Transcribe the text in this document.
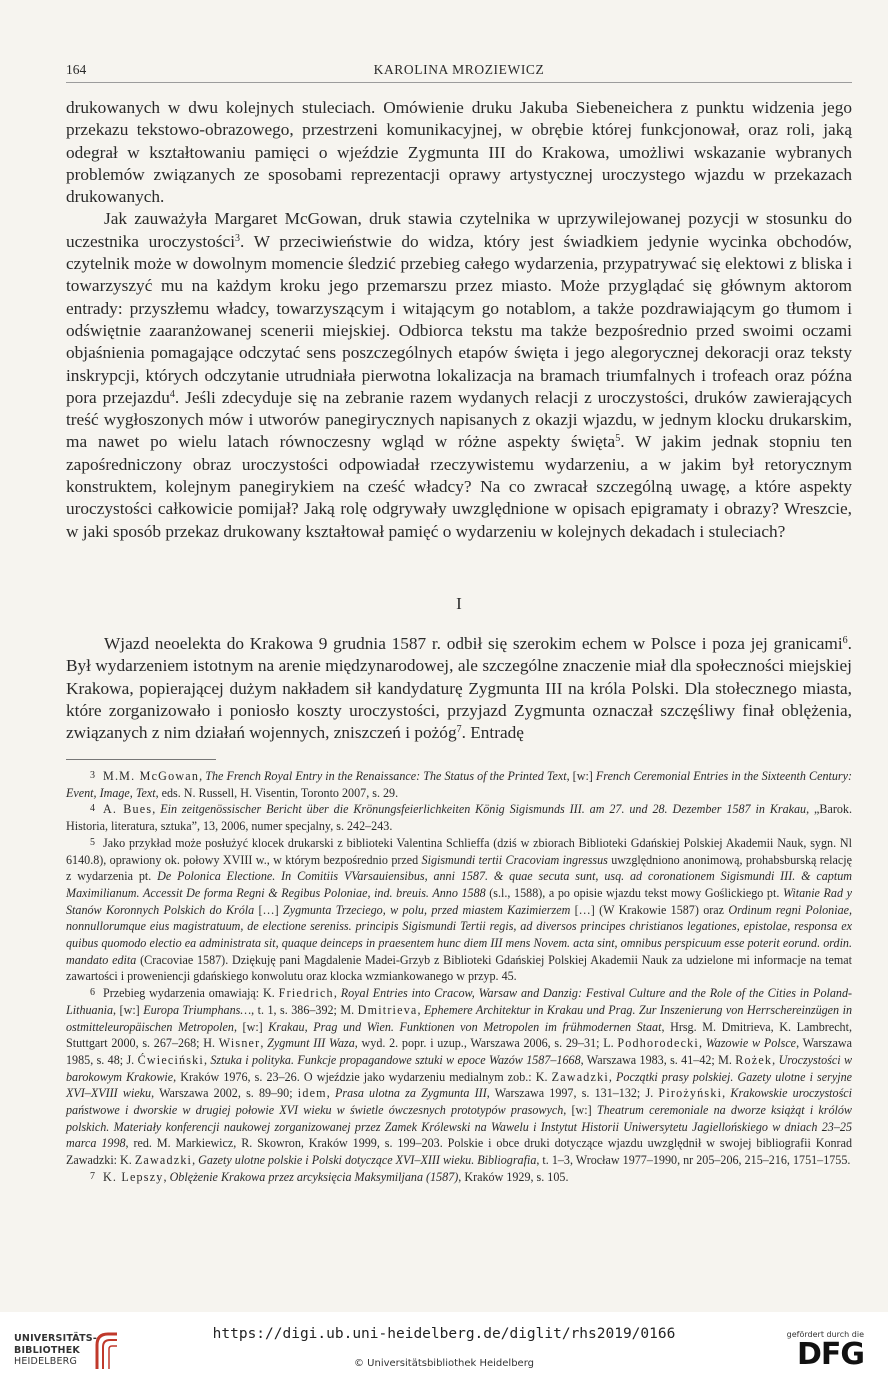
164	KAROLINA MROZIEWICZ

drukowanych w dwu kolejnych stuleciach. Omówienie druku Jakuba Siebeneichera z punktu widzenia jego przekazu tekstowo-obrazowego, przestrzeni komunikacyjnej, w obrębie której funkcjonował, oraz roli, jaką odegrał w kształtowaniu pamięci o wjeździe Zygmunta III do Krakowa, umożliwi wskazanie wybranych problemów związanych ze sposobami reprezentacji oprawy artystycznej uroczystego wjazdu w przekazach drukowanych.

Jak zauważyła Margaret McGowan, druk stawia czytelnika w uprzywilejowanej pozycji w stosunku do uczestnika uroczystości$^3$. W przeciwieństwie do widza, który jest świadkiem jedynie wycinka obchodów, czytelnik może w dowolnym momencie śledzić przebieg całego wydarzenia, przypatrywać się elektowi z bliska i towarzyszyć mu na każdym kroku jego przemarszu przez miasto. Może przyglądać się głównym aktorom entrady: przyszłemu władcy, towarzyszącym i witającym go notablom, a także pozdrawiającym go tłumom i odświętnie zaaranżowanej scenerii miejskiej. Odbiorca tekstu ma także bezpośrednio przed swoimi oczami objaśnienia pomagające odczytać sens poszczególnych etapów święta i jego alegorycznej dekoracji oraz teksty inskrypcji, których odczytanie utrudniała pierwotna lokalizacja na bramach triumfalnych i trofeach oraz późna pora przejazdu$^4$. Jeśli zdecyduje się na zebranie razem wydanych relacji z uroczystości, druków zawierających treść wygłoszonych mów i utworów panegirycznych napisanych z okazji wjazdu, w jednym klocku drukarskim, ma nawet po wielu latach równoczesny wgląd w różne aspekty święta$^5$. W jakim jednak stopniu ten zapośredniczony obraz uroczystości odpowiadał rzeczywistemu wydarzeniu, a w jakim był retorycznym konstruktem, kolejnym panegirykiem na cześć władcy? Na co zwracał szczególną uwagę, a które aspekty uroczystości całkowicie pomijał? Jaką rolę odgrywały uwzględnione w opisach epigramaty i obrazy? Wreszcie, w jaki sposób przekaz drukowany kształtował pamięć o wydarzeniu w kolejnych dekadach i stuleciach?

I

Wjazd neoelekta do Krakowa 9 grudnia 1587 r. odbił się szerokim echem w Polsce i poza jej granicami$^6$. Był wydarzeniem istotnym na arenie międzynarodowej, ale szczególne znaczenie miał dla społeczności miejskiej Krakowa, popierającej dużym nakładem sił kandydaturę Zygmunta III na króla Polski. Dla stołecznego miasta, które zorganizowało i poniosło koszty uroczystości, przyjazd Zygmunta oznaczał szczęśliwy finał oblężenia, związanych z nim działań wojennych, zniszczeń i pożóg$^7$. Entradę

3 M.M. McGowan, The French Royal Entry in the Renaissance: The Status of the Printed Text, [w:] French Ceremonial Entries in the Sixteenth Century: Event, Image, Text, eds. N. Russell, H. Visentin, Toronto 2007, s. 29.

4 A. Bues, Ein zeitgenössischer Bericht über die Krönungsfeierlichkeiten König Sigismunds III. am 27. und 28. Dezember 1587 in Krakau, „Barok. Historia, literatura, sztuka”, 13, 2006, numer specjalny, s. 242–243.

5 Jako przykład może posłużyć klocek drukarski z biblioteki Valentina Schlieffa (dziś w zbiorach Biblioteki Gdańskiej Polskiej Akademii Nauk, sygn. Nl 6140.8), oprawiony ok. połowy XVIII w., w którym bezpośrednio przed Sigismundi tertii Cracoviam ingressus uwzględniono anonimową, prohabsburską relację z wydarzenia pt. De Polonica Electione. In Comitiis VVarsauiensibus, anni 1587. & quae secuta sunt, usq. ad coronationem Sigismundi III. & captum Maximilianum. Accessit De forma Regni & Regibus Poloniae, ind. breuis. Anno 1588 (s.l., 1588), a po opisie wjazdu tekst mowy Goślickiego pt. Witanie Rad y Stanów Koronnych Polskich do Króla […] Zygmunta Trzeciego, w polu, przed miastem Kazimierzem […] (W Krakowie 1587) oraz Ordinum regni Poloniae, nonnullorumque eius magistratuum, de electione sereniss. principis Sigismundi Tertii regis, ad diversos principes christianos legationes, epistolae, responsa ex quibus quomodo electio ea administrata sit, quaque deinceps in praesentem hunc diem III mens Novem. acta sint, omnibus perspicuum esse poterit eorund. ordin. mandato edita (Cracoviae 1587). Dziękuję pani Magdalenie Madei-Grzyb z Biblioteki Gdańskiej Polskiej Akademii Nauk za udzielone mi informacje na temat zawartości i proweniencji gdańskiego konwolutu oraz klocka wzmiankowanego w przyp. 45.

6 Przebieg wydarzenia omawiają: K. Friedrich, Royal Entries into Cracow, Warsaw and Danzig: Festival Culture and the Role of the Cities in Poland-Lithuania, [w:] Europa Triumphans…, t. 1, s. 386–392; M. Dmitrieva, Ephemere Architektur in Krakau und Prag. Zur Inszenierung von Herrschereinzügen in ostmitteleuropäischen Metropolen, [w:] Krakau, Prag und Wien. Funktionen von Metropolen im frühmodernen Staat, Hrsg. M. Dmitrieva, K. Lambrecht, Stuttgart 2000, s. 267–268; H. Wisner, Zygmunt III Waza, wyd. 2. popr. i uzup., Warszawa 2006, s. 29–31; L. Podhorodecki, Wazowie w Polsce, Warszawa 1985, s. 48; J. Ćwieciński, Sztuka i polityka. Funkcje propagandowe sztuki w epoce Wazów 1587–1668, Warszawa 1983, s. 41–42; M. Rożek, Uroczystości w barokowym Krakowie, Kraków 1976, s. 23–26. O wjeździe jako wydarzeniu medialnym zob.: K. Zawadzki, Początki prasy polskiej. Gazety ulotne i seryjne XVI–XVIII wieku, Warszawa 2002, s. 89–90; idem, Prasa ulotna za Zygmunta III, Warszawa 1997, s. 131–132; J. Pirożyński, Krakowskie uroczystości państwowe i dworskie w drugiej połowie XVI wieku w świetle ówczesnych prototypów prasowych, [w:] Theatrum ceremoniale na dworze książąt i królów polskich. Materiały konferencji naukowej zorganizowanej przez Zamek Królewski na Wawelu i Instytut Historii Uniwersytetu Jagiellońskiego w dniach 23–25 marca 1998, red. M. Markiewicz, R. Skowron, Kraków 1999, s. 199–203. Polskie i obce druki dotyczące wjazdu uwzględnił w swojej bibliografii Konrad Zawadzki: K. Zawadzki, Gazety ulotne polskie i Polski dotyczące XVI–XIII wieku. Bibliografia, t. 1–3, Wrocław 1977–1990, nr 205–206, 215–216, 1751–1755.

7 K. Lepszy, Oblężenie Krakowa przez arcyksięcia Maksymiljana (1587), Kraków 1929, s. 105.

UNIVERSITÄTS-
BIBLIOTHEK
HEIDELBERG
https://digi.ub.uni-heidelberg.de/diglit/rhs2019/0166
© Universitätsbibliothek Heidelberg
gefördert durch die
DFG
